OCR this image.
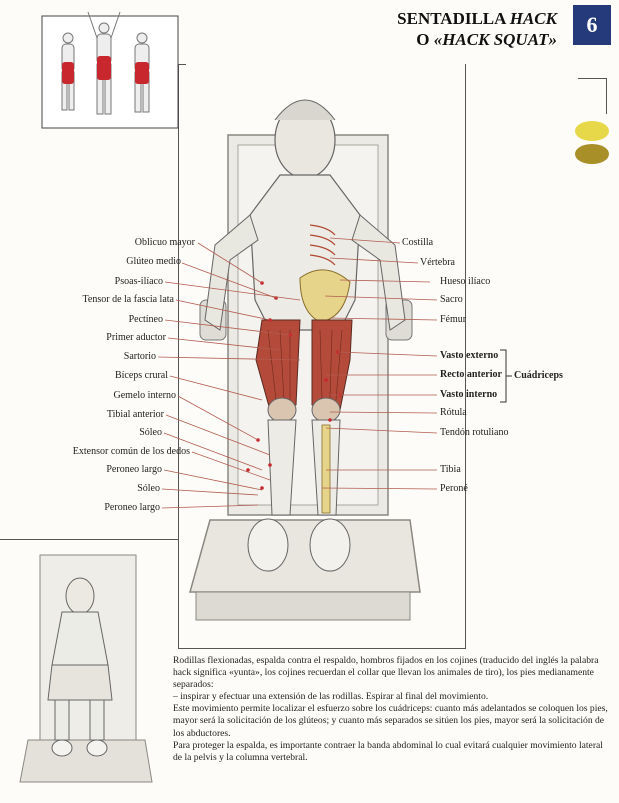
SENTADILLA HACK
O «HACK SQUAT»
6
Oblicuo mayor
Glúteo medio
Psoas-ilíaco
Tensor de la fascia lata
Pectíneo
Primer aductor
Sartorio
Bíceps crural
Gemelo interno
Tibial anterior
Sóleo
Extensor común de los dedos
Peroneo largo
Sóleo
Peroneo largo
Costilla
Vértebra
Hueso ilíaco
Sacro
Fémur
Vasto externo
Recto anterior
Vasto interno
Rótula
Tendón rotuliano
Tibia
Peroné
Cuádriceps

Rodillas flexionadas, espalda contra el respaldo, hombros fijados en los cojines (traducido del inglés la palabra hack significa «yunta», los cojines recuerdan el collar que llevan los animales de tiro), los pies medianamente separados:

– inspirar y efectuar una extensión de las rodillas. Espirar al final del movimiento.

Este movimiento permite localizar el esfuerzo sobre los cuádriceps: cuanto más adelantados se coloquen los pies, mayor será la solicitación de los glúteos; y cuanto más separados se sitúen los pies, mayor será la solicitación de los abductores.

Para proteger la espalda, es importante contraer la banda abdominal lo cual evitará cualquier movimiento lateral de la pelvis y la columna vertebral.
